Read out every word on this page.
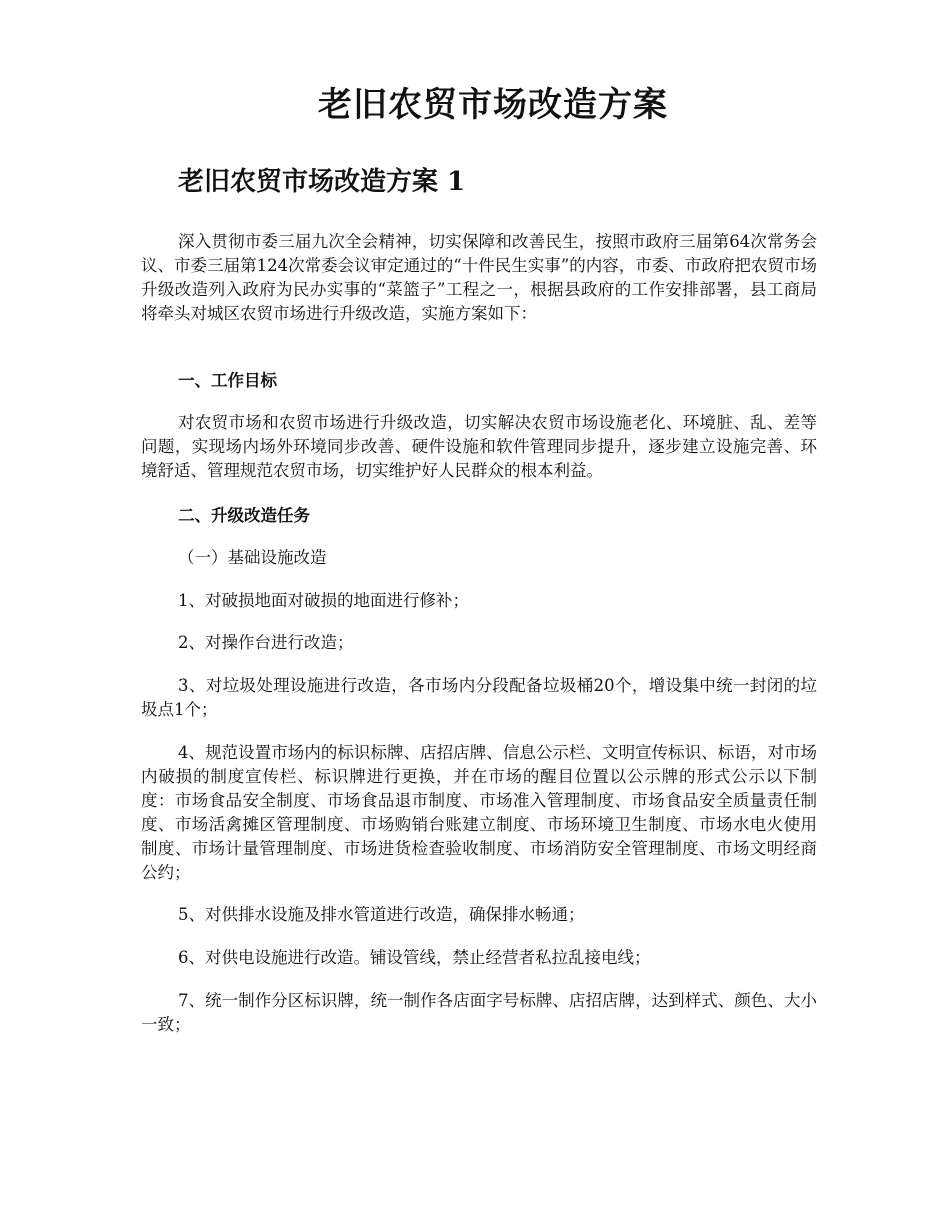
老旧农贸市场改造方案
老旧农贸市场改造方案 1

深入贯彻市委三届九次全会精神，切实保障和改善民生，按照市政府三届第64次常务会议、市委三届第124次常委会议审定通过的“十件民生实事”的内容，市委、市政府把农贸市场升级改造列入政府为民办实事的“菜篮子”工程之一，根据县政府的工作安排部署，县工商局将牵头对城区农贸市场进行升级改造，实施方案如下：

一、工作目标

对农贸市场和农贸市场进行升级改造，切实解决农贸市场设施老化、环境脏、乱、差等问题，实现场内场外环境同步改善、硬件设施和软件管理同步提升，逐步建立设施完善、环境舒适、管理规范农贸市场，切实维护好人民群众的根本利益。

二、升级改造任务

（一）基础设施改造

1、对破损地面对破损的地面进行修补；

2、对操作台进行改造；

3、对垃圾处理设施进行改造，各市场内分段配备垃圾桶20个，增设集中统一封闭的垃圾点1个；

4、规范设置市场内的标识标牌、店招店牌、信息公示栏、文明宣传标识、标语，对市场内破损的制度宣传栏、标识牌进行更换，并在市场的醒目位置以公示牌的形式公示以下制度：市场食品安全制度、市场食品退市制度、市场准入管理制度、市场食品安全质量责任制度、市场活禽摊区管理制度、市场购销台账建立制度、市场环境卫生制度、市场水电火使用制度、市场计量管理制度、市场进货检查验收制度、市场消防安全管理制度、市场文明经商公约；

5、对供排水设施及排水管道进行改造，确保排水畅通；

6、对供电设施进行改造。铺设管线，禁止经营者私拉乱接电线；

7、统一制作分区标识牌，统一制作各店面字号标牌、店招店牌，达到样式、颜色、大小一致；
